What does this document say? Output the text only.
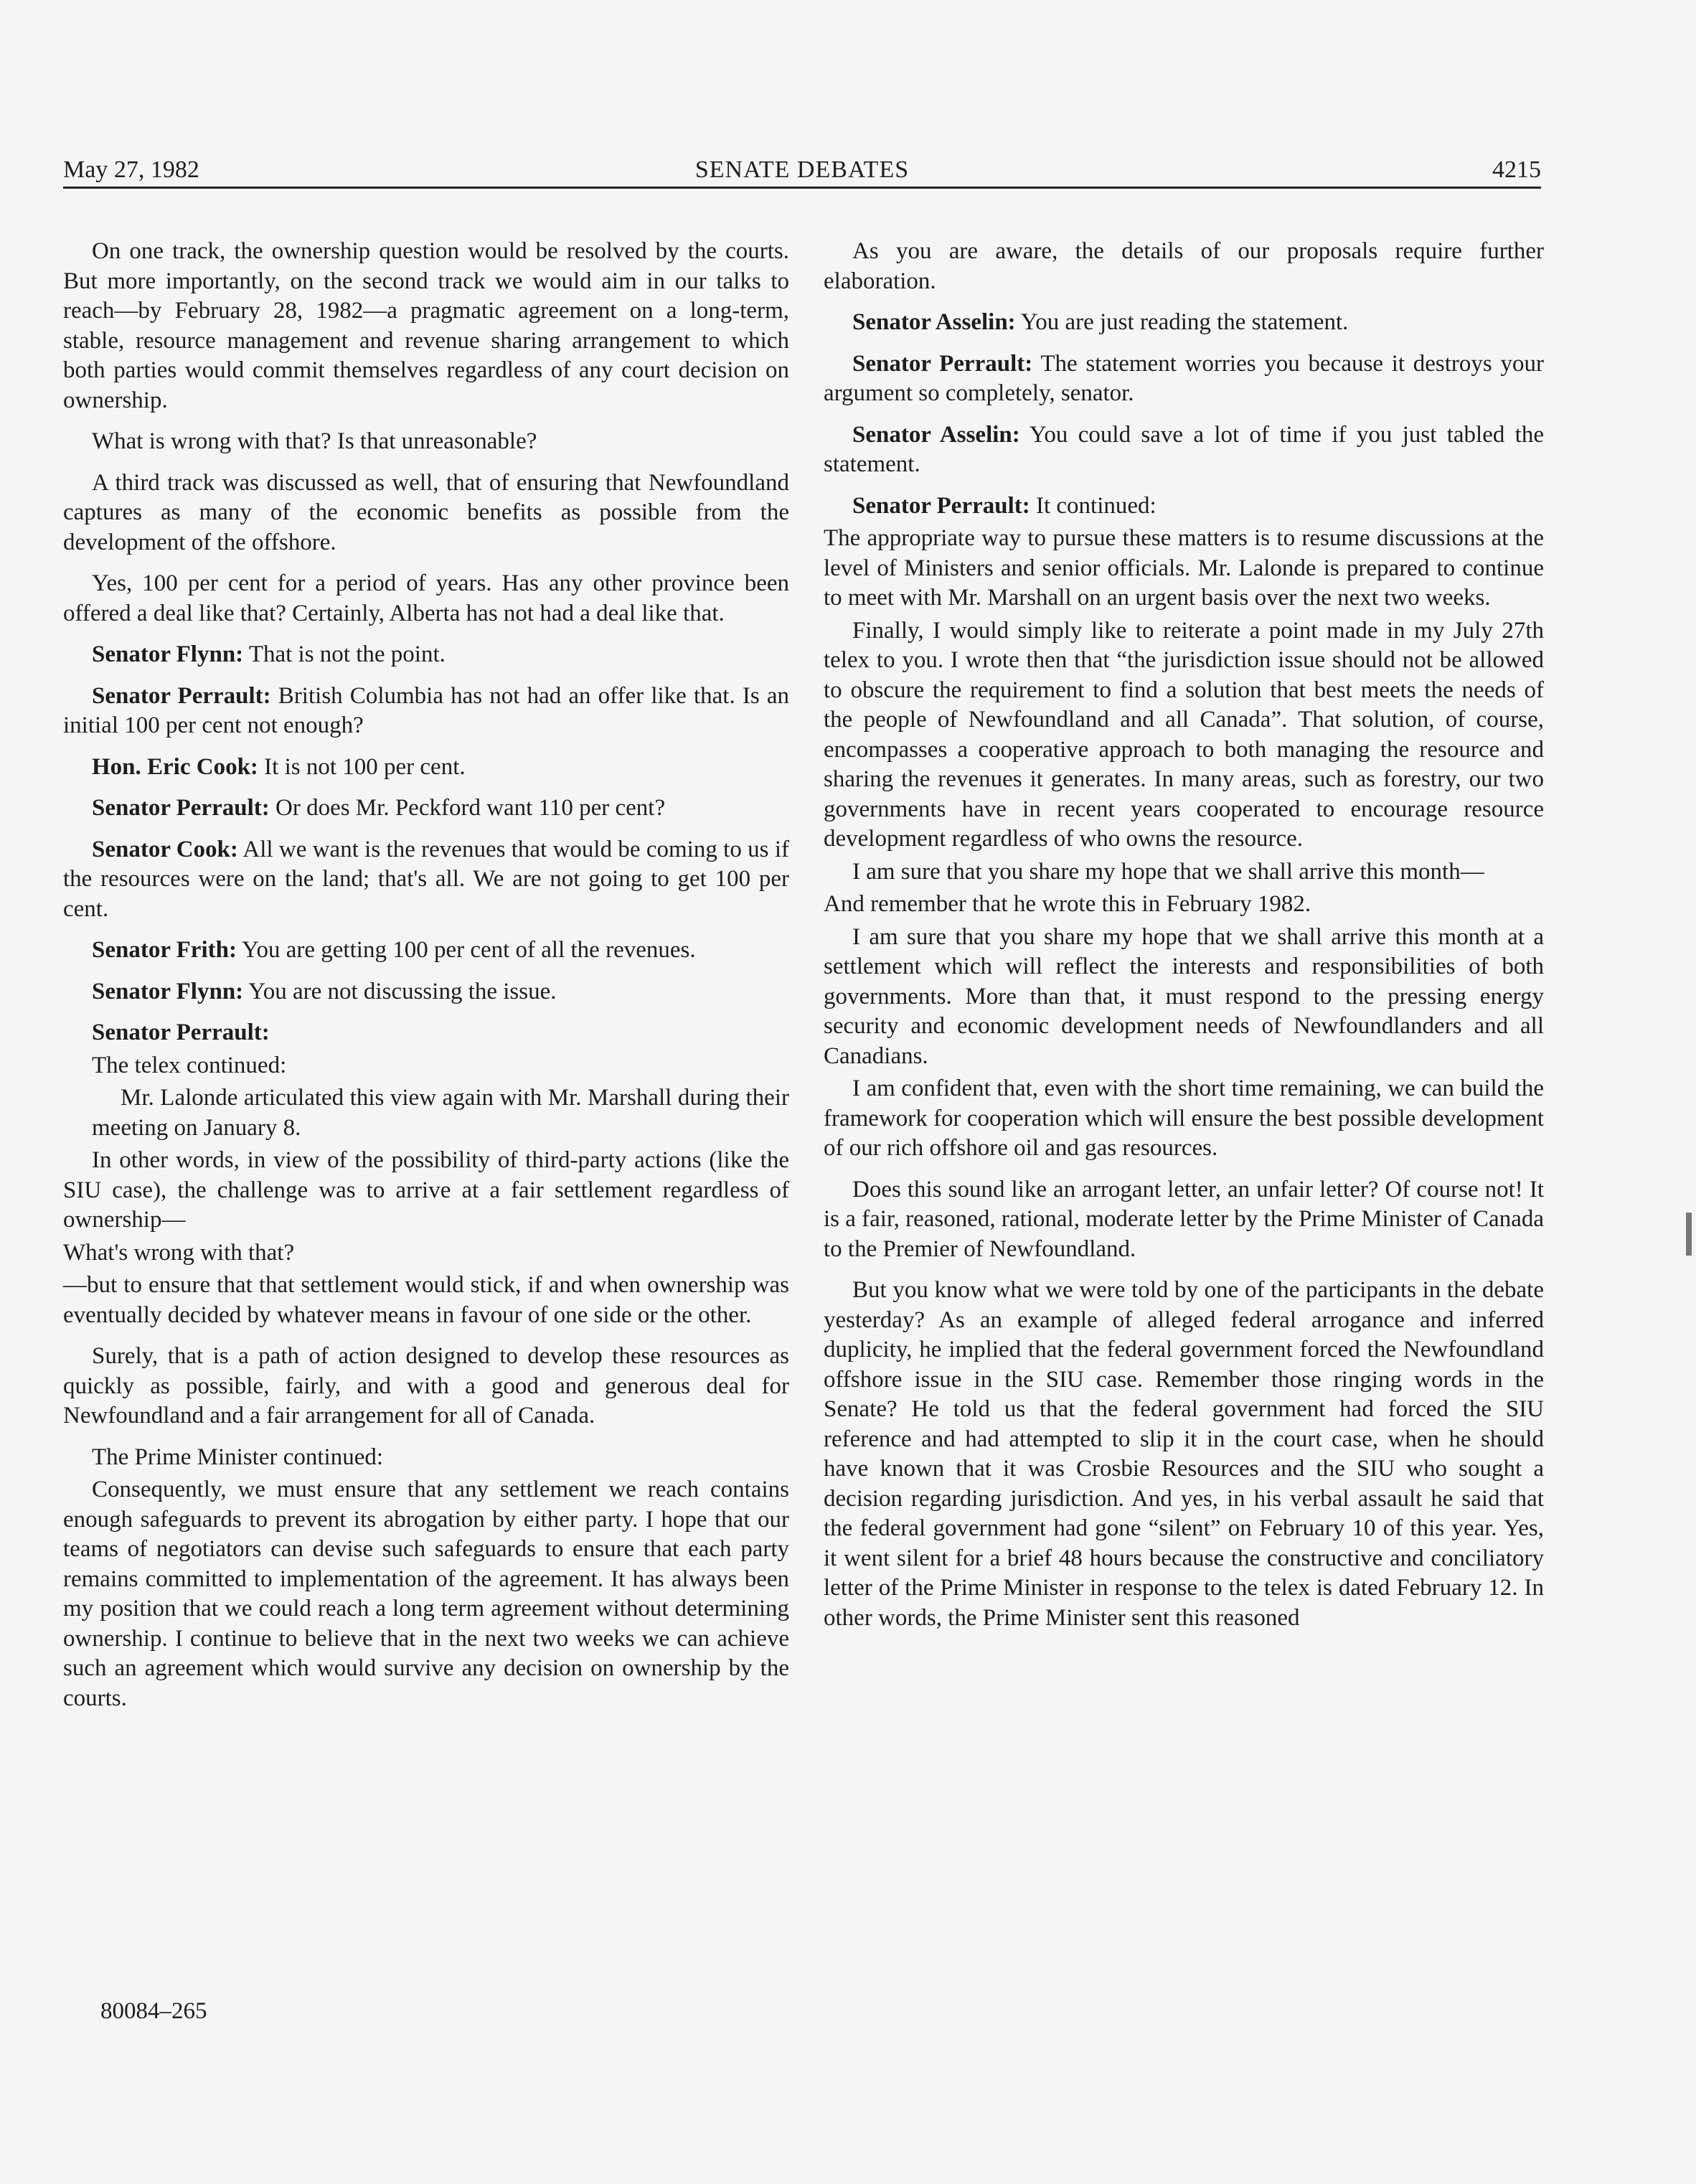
May 27, 1982	SENATE DEBATES	4215

On one track, the ownership question would be resolved by the courts. But more importantly, on the second track we would aim in our talks to reach—by February 28, 1982—a pragmatic agreement on a long-term, stable, resource management and revenue sharing arrangement to which both parties would commit themselves regardless of any court decision on ownership.

What is wrong with that? Is that unreasonable?

A third track was discussed as well, that of ensuring that Newfoundland captures as many of the economic benefits as possible from the development of the offshore.

Yes, 100 per cent for a period of years. Has any other province been offered a deal like that? Certainly, Alberta has not had a deal like that.

Senator Flynn: That is not the point.

Senator Perrault: British Columbia has not had an offer like that. Is an initial 100 per cent not enough?

Hon. Eric Cook: It is not 100 per cent.

Senator Perrault: Or does Mr. Peckford want 110 per cent?

Senator Cook: All we want is the revenues that would be coming to us if the resources were on the land; that's all. We are not going to get 100 per cent.

Senator Frith: You are getting 100 per cent of all the revenues.

Senator Flynn: You are not discussing the issue.

Senator Perrault:

The telex continued:

Mr. Lalonde articulated this view again with Mr. Marshall during their meeting on January 8.

In other words, in view of the possibility of third-party actions (like the SIU case), the challenge was to arrive at a fair settlement regardless of ownership—

What's wrong with that?

—but to ensure that that settlement would stick, if and when ownership was eventually decided by whatever means in favour of one side or the other.

Surely, that is a path of action designed to develop these resources as quickly as possible, fairly, and with a good and generous deal for Newfoundland and a fair arrangement for all of Canada.

The Prime Minister continued:

Consequently, we must ensure that any settlement we reach contains enough safeguards to prevent its abrogation by either party. I hope that our teams of negotiators can devise such safeguards to ensure that each party remains committed to implementation of the agreement. It has always been my position that we could reach a long term agreement without determining ownership. I continue to believe that in the next two weeks we can achieve such an agreement which would survive any decision on ownership by the courts.

As you are aware, the details of our proposals require further elaboration.

Senator Asselin: You are just reading the statement.

Senator Perrault: The statement worries you because it destroys your argument so completely, senator.

Senator Asselin: You could save a lot of time if you just tabled the statement.

Senator Perrault: It continued:

The appropriate way to pursue these matters is to resume discussions at the level of Ministers and senior officials. Mr. Lalonde is prepared to continue to meet with Mr. Marshall on an urgent basis over the next two weeks.

Finally, I would simply like to reiterate a point made in my July 27th telex to you. I wrote then that “the jurisdiction issue should not be allowed to obscure the requirement to find a solution that best meets the needs of the people of Newfoundland and all Canada”. That solution, of course, encompasses a cooperative approach to both managing the resource and sharing the revenues it generates. In many areas, such as forestry, our two governments have in recent years cooperated to encourage resource development regardless of who owns the resource.

I am sure that you share my hope that we shall arrive this month—

And remember that he wrote this in February 1982.

I am sure that you share my hope that we shall arrive this month at a settlement which will reflect the interests and responsibilities of both governments. More than that, it must respond to the pressing energy security and economic development needs of Newfoundlanders and all Canadians.

I am confident that, even with the short time remaining, we can build the framework for cooperation which will ensure the best possible development of our rich offshore oil and gas resources.

Does this sound like an arrogant letter, an unfair letter? Of course not! It is a fair, reasoned, rational, moderate letter by the Prime Minister of Canada to the Premier of Newfoundland.

But you know what we were told by one of the participants in the debate yesterday? As an example of alleged federal arrogance and inferred duplicity, he implied that the federal government forced the Newfoundland offshore issue in the SIU case. Remember those ringing words in the Senate? He told us that the federal government had forced the SIU reference and had attempted to slip it in the court case, when he should have known that it was Crosbie Resources and the SIU who sought a decision regarding jurisdiction. And yes, in his verbal assault he said that the federal government had gone “silent” on February 10 of this year. Yes, it went silent for a brief 48 hours because the constructive and conciliatory letter of the Prime Minister in response to the telex is dated February 12. In other words, the Prime Minister sent this reasoned

80084–265
